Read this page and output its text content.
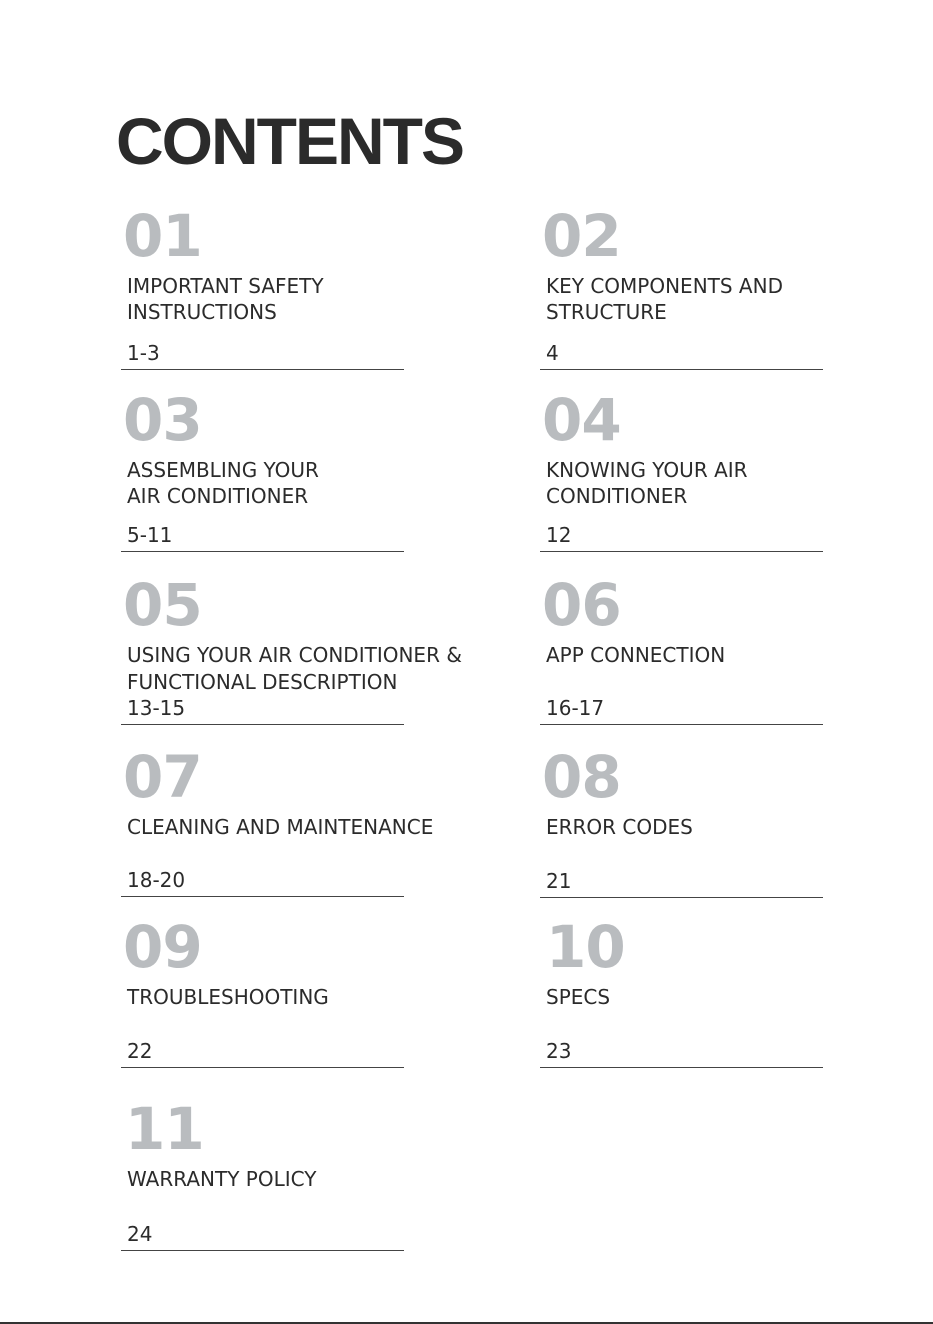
CONTENTS
01
IMPORTANT SAFETY
INSTRUCTIONS
1-3
02
KEY COMPONENTS AND
STRUCTURE
4
03
ASSEMBLING YOUR
AIR CONDITIONER
5-11
04
KNOWING YOUR AIR
CONDITIONER
12
05
USING YOUR AIR CONDITIONER &
FUNCTIONAL DESCRIPTION
13-15
06
APP CONNECTION
16-17
07
CLEANING AND MAINTENANCE
18-20
08
ERROR CODES
21
09
TROUBLESHOOTING
22
10
SPECS
23
11
WARRANTY POLICY
24
